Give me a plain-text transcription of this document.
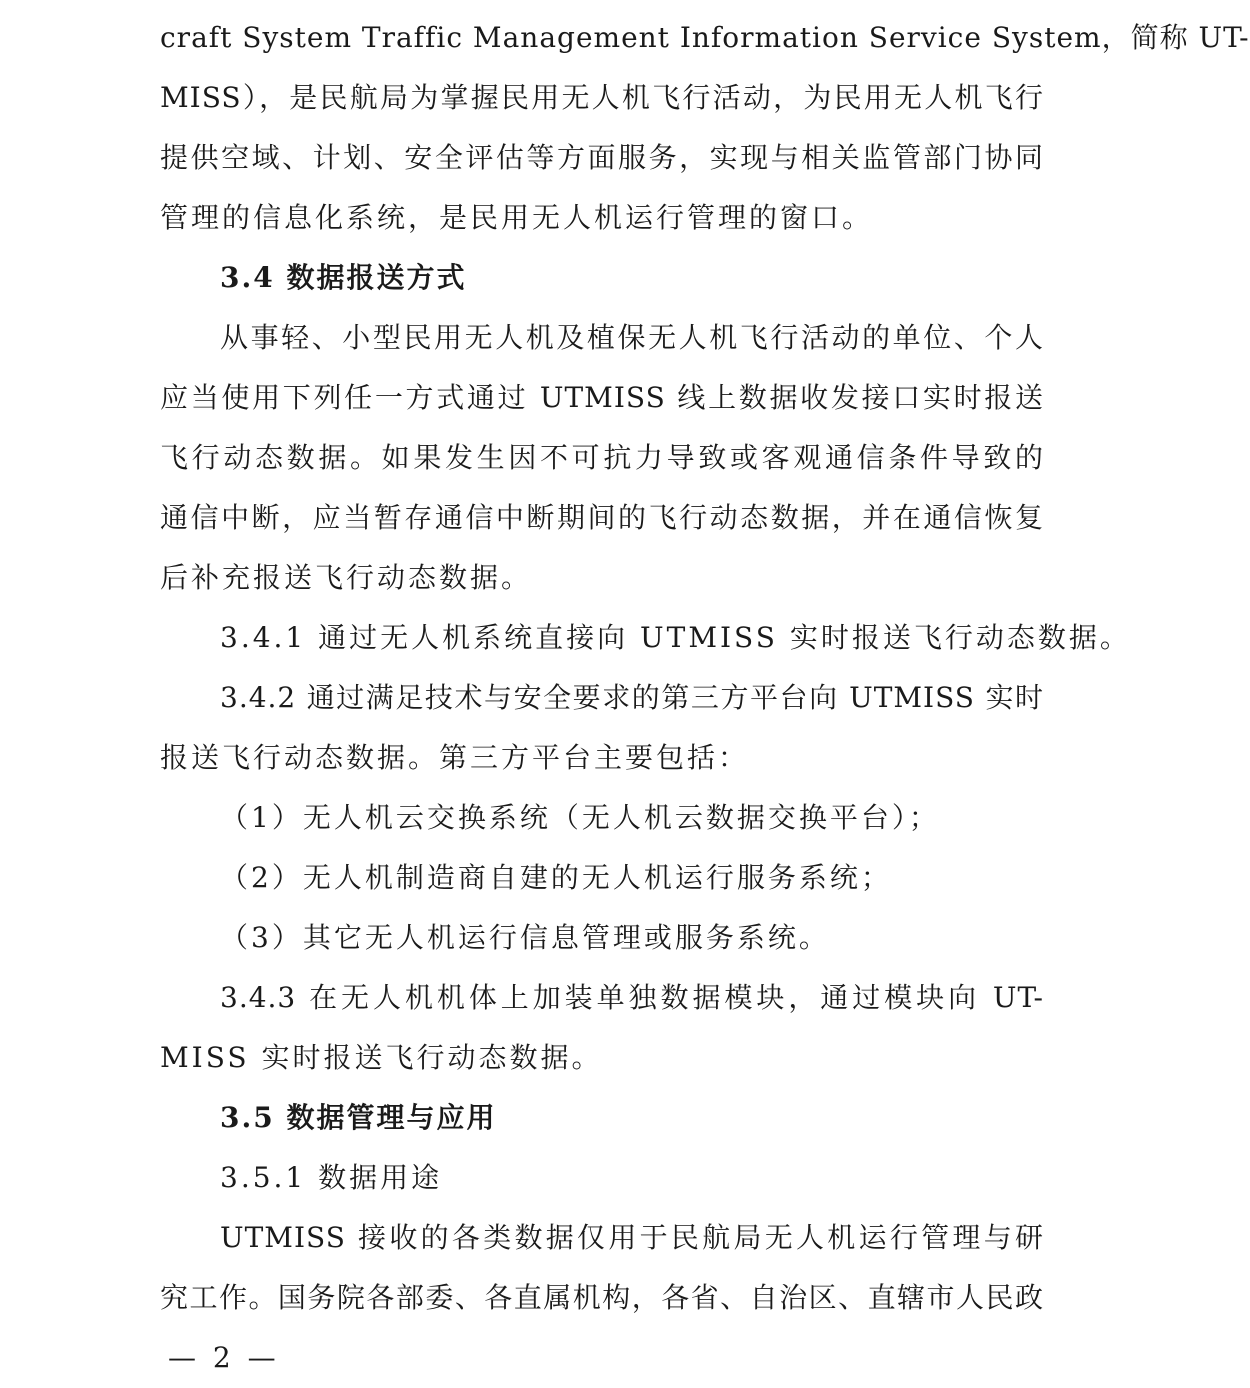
craft System Traffic Management Information Service System，简称 UT-
MISS），是民航局为掌握民用无人机飞行活动，为民用无人机飞行
提供空域、计划、安全评估等方面服务，实现与相关监管部门协同
管理的信息化系统，是民用无人机运行管理的窗口。
3.4 数据报送方式
从事轻、小型民用无人机及植保无人机飞行活动的单位、个人
应当使用下列任一方式通过 UTMISS 线上数据收发接口实时报送
飞行动态数据。如果发生因不可抗力导致或客观通信条件导致的
通信中断，应当暂存通信中断期间的飞行动态数据，并在通信恢复
后补充报送飞行动态数据。
3.4.1 通过无人机系统直接向 UTMISS 实时报送飞行动态数据。
3.4.2 通过满足技术与安全要求的第三方平台向 UTMISS 实时
报送飞行动态数据。第三方平台主要包括：
（1）无人机云交换系统（无人机云数据交换平台）；
（2）无人机制造商自建的无人机运行服务系统；
（3）其它无人机运行信息管理或服务系统。
3.4.3 在无人机机体上加装单独数据模块，通过模块向 UT-
MISS 实时报送飞行动态数据。
3.5 数据管理与应用
3.5.1 数据用途
UTMISS 接收的各类数据仅用于民航局无人机运行管理与研
究工作。国务院各部委、各直属机构，各省、自治区、直辖市人民政
— 2 —
